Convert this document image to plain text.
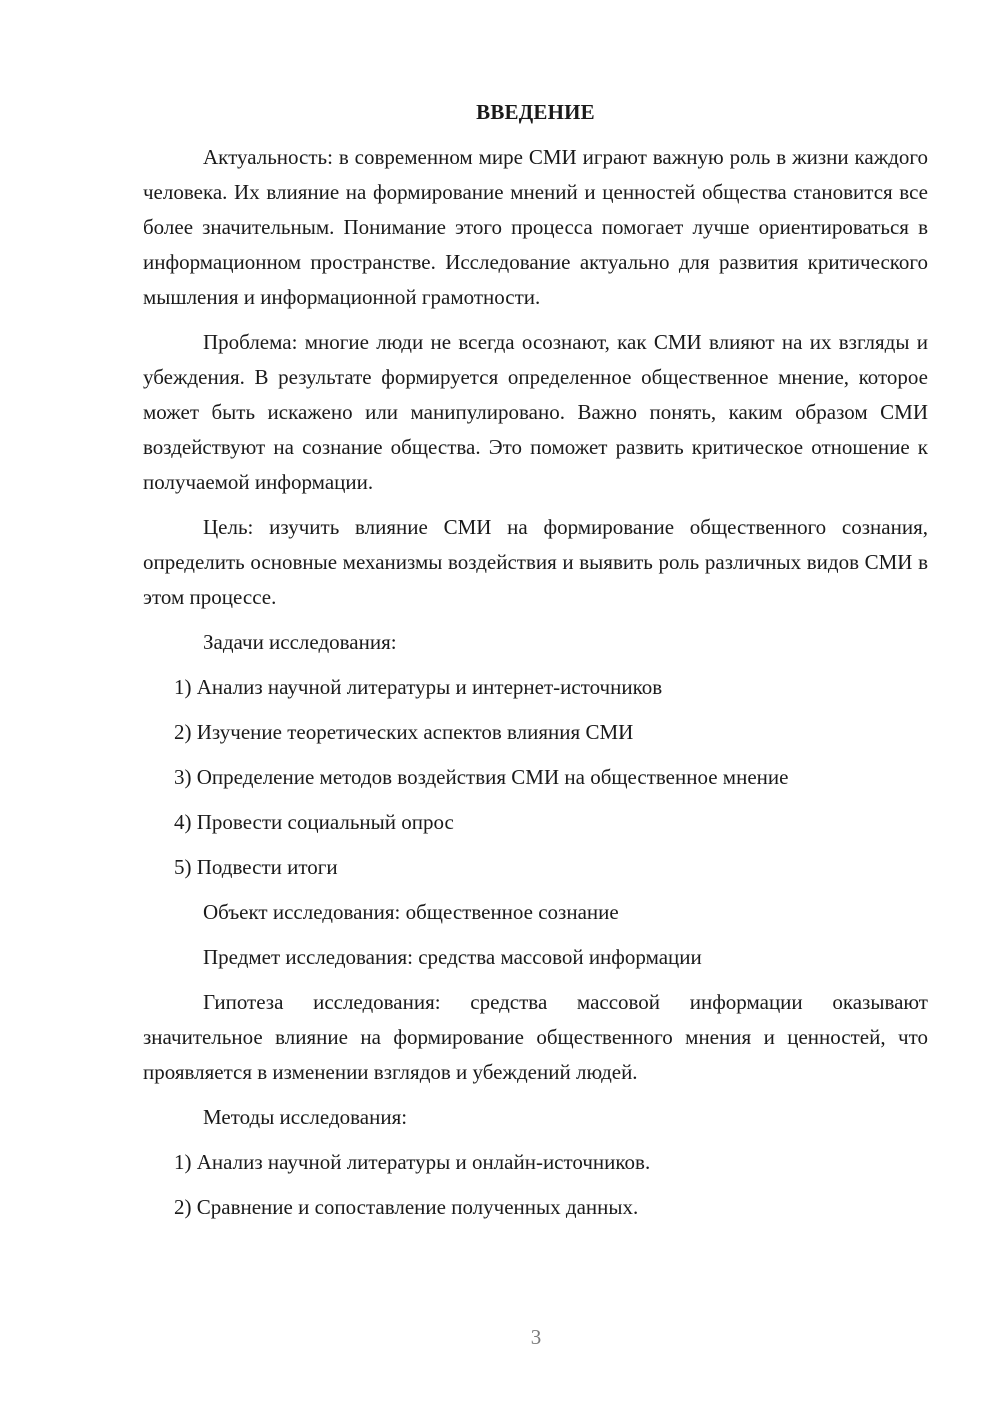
ВВЕДЕНИЕ

Актуальность: в современном мире СМИ играют важную роль в жизни каждого человека. Их влияние на формирование мнений и ценностей общества становится все более значительным. Понимание этого процесса помогает лучше ориентироваться в информационном пространстве. Исследование актуально для развития критического мышления и информационной грамотности.

Проблема: многие люди не всегда осознают, как СМИ влияют на их взгляды и убеждения. В результате формируется определенное общественное мнение, которое может быть искажено или манипулировано. Важно понять, каким образом СМИ воздействуют на сознание общества. Это поможет развить критическое отношение к получаемой информации.

Цель: изучить влияние СМИ на формирование общественного сознания, определить основные механизмы воздействия и выявить роль различных видов СМИ в этом процессе.

Задачи исследования:
1) Анализ научной литературы и интернет-источников
2) Изучение теоретических аспектов влияния СМИ
3) Определение методов воздействия СМИ на общественное мнение
4) Провести социальный опрос
5) Подвести итоги
Объект исследования: общественное сознание
Предмет исследования: средства массовой информации

Гипотеза исследования: средства массовой информации оказывают значительное влияние на формирование общественного мнения и ценностей, что проявляется в изменении взглядов и убеждений людей.

Методы исследования:
1) Анализ научной литературы и онлайн-источников.
2) Сравнение и сопоставление полученных данных.
3
